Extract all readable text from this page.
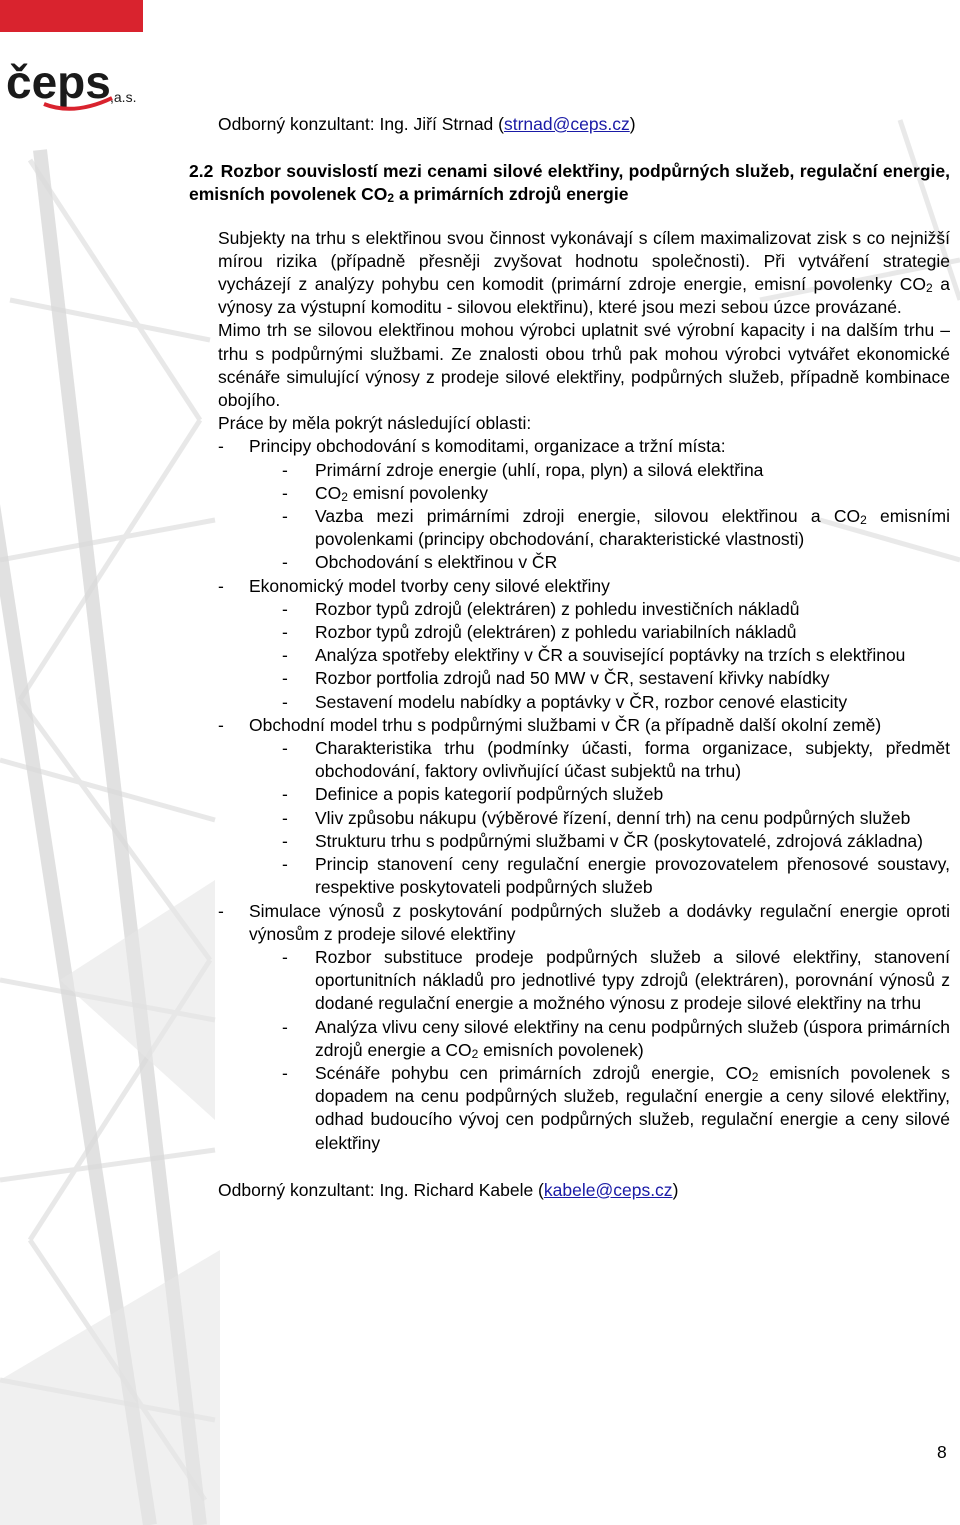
čeps ,a.s.

Odborný konzultant: Ing. Jiří Strnad (strnad@ceps.cz)

2.2 Rozbor souvislostí mezi cenami silové elektřiny, podpůrných služeb, regulační energie, emisních povolenek $CO_2$ a primárních zdrojů energie

Subjekty na trhu s elektřinou svou činnost vykonávají s cílem maximalizovat zisk s co nejnižší mírou rizika (případně přesněji zvyšovat hodnotu společnosti). Při vytváření strategie vycházejí z analýzy pohybu cen komodit (primární zdroje energie, emisní povolenky $CO_2$ a výnosy za výstupní komoditu - silovou elektřinu), které jsou mezi sebou úzce provázané.

Mimo trh se silovou elektřinou mohou výrobci uplatnit své výrobní kapacity i na dalším trhu – trhu s podpůrnými službami. Ze znalosti obou trhů pak mohou výrobci vytvářet ekonomické scénáře simulující výnosy z prodeje silové elektřiny, podpůrných služeb, případně kombinace obojího.

Práce by měla pokrýt následující oblasti:

- Principy obchodování s komoditami, organizace a tržní místa:
- Primární zdroje energie (uhlí, ropa, plyn) a silová elektřina
- $CO_2$ emisní povolenky
- Vazba mezi primárními zdroji energie, silovou elektřinou a $CO_2$ emisními povolenkami (principy obchodování, charakteristické vlastnosti)
- Obchodování s elektřinou v ČR
- Ekonomický model tvorby ceny silové elektřiny
- Rozbor typů zdrojů (elektráren) z pohledu investičních nákladů
- Rozbor typů zdrojů (elektráren) z pohledu variabilních nákladů
- Analýza spotřeby elektřiny v ČR a související poptávky na trzích s elektřinou
- Rozbor portfolia zdrojů nad 50 MW v ČR, sestavení křivky nabídky
- Sestavení modelu nabídky a poptávky v ČR, rozbor cenové elasticity
- Obchodní model trhu s podpůrnými službami v ČR (a případně další okolní země)
- Charakteristika trhu (podmínky účasti, forma organizace, subjekty, předmět obchodování, faktory ovlivňující účast subjektů na trhu)
- Definice a popis kategorií podpůrných služeb
- Vliv způsobu nákupu (výběrové řízení, denní trh) na cenu podpůrných služeb
- Strukturu trhu s podpůrnými službami v ČR (poskytovatelé, zdrojová základna)
- Princip stanovení ceny regulační energie provozovatelem přenosové soustavy, respektive poskytovateli podpůrných služeb
- Simulace výnosů z poskytování podpůrných služeb a dodávky regulační energie oproti výnosům z prodeje silové elektřiny
- Rozbor substituce prodeje podpůrných služeb a silové elektřiny, stanovení oportunitních nákladů pro jednotlivé typy zdrojů (elektráren), porovnání výnosů z dodané regulační energie a možného výnosu z prodeje silové elektřiny na trhu
- Analýza vlivu ceny silové elektřiny na cenu podpůrných služeb (úspora primárních zdrojů energie a $CO_2$ emisních povolenek)
- Scénáře pohybu cen primárních zdrojů energie, $CO_2$ emisních povolenek s dopadem na cenu podpůrných služeb, regulační energie a ceny silové elektřiny, odhad budoucího vývoj cen podpůrných služeb, regulační energie a ceny silové elektřiny

Odborný konzultant: Ing. Richard Kabele (kabele@ceps.cz)

8
